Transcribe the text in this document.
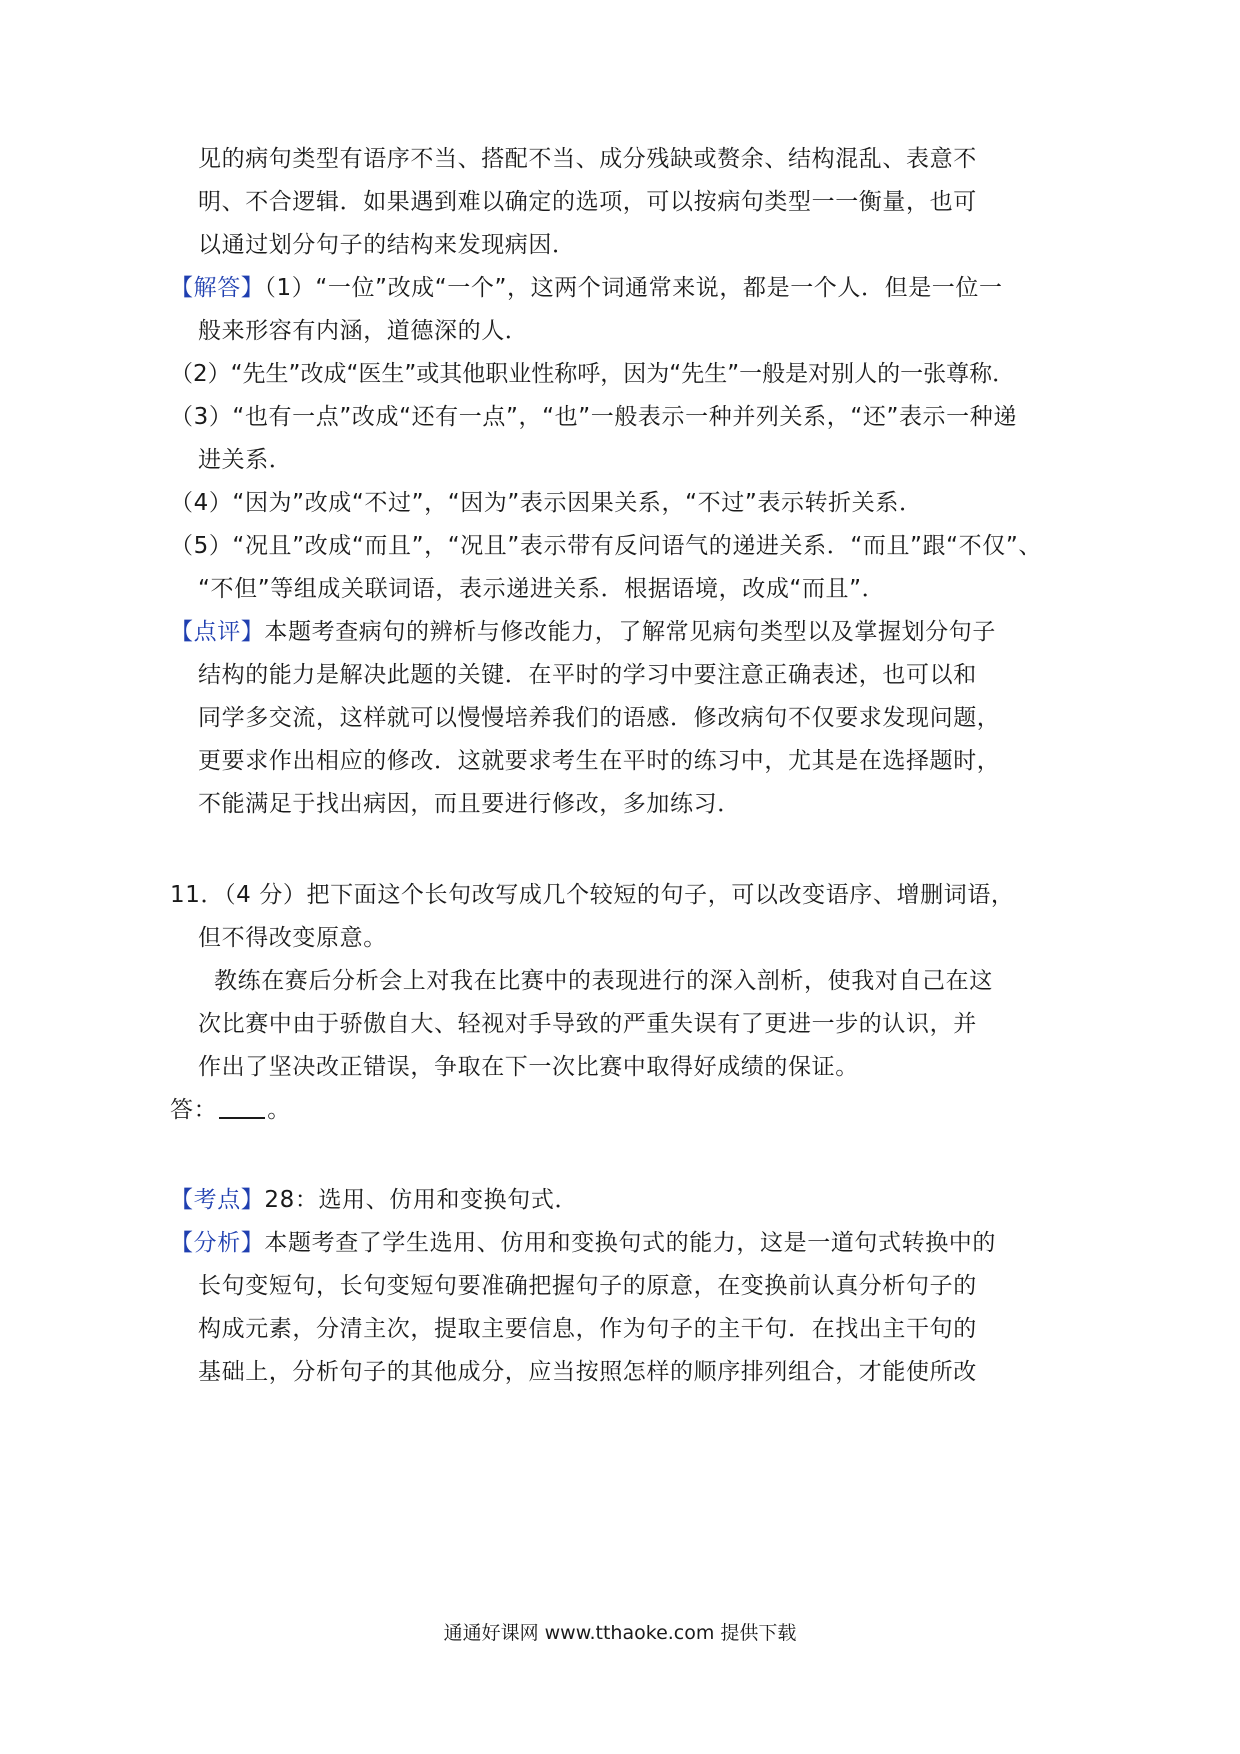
见的病句类型有语序不当、搭配不当、成分残缺或赘余、结构混乱、表意不
明、不合逻辑．如果遇到难以确定的选项，可以按病句类型一一衡量，也可
以通过划分句子的结构来发现病因．
【解答】（1）“一位”改成“一个”，这两个词通常来说，都是一个人．但是一位一
般来形容有内涵，道德深的人．
（2）“先生”改成“医生”或其他职业性称呼，因为“先生”一般是对别人的一张尊称．
（3）“也有一点”改成“还有一点”，“也”一般表示一种并列关系，“还”表示一种递
进关系．
（4）“因为”改成“不过”，“因为”表示因果关系，“不过”表示转折关系．
（5）“况且”改成“而且”，“况且”表示带有反问语气的递进关系．“而且”跟“不仅”、
“不但”等组成关联词语，表示递进关系．根据语境，改成“而且”．
【点评】本题考查病句的辨析与修改能力，了解常见病句类型以及掌握划分句子
结构的能力是解决此题的关键．在平时的学习中要注意正确表述，也可以和
同学多交流，这样就可以慢慢培养我们的语感．修改病句不仅要求发现问题，
更要求作出相应的修改．这就要求考生在平时的练习中，尤其是在选择题时，
不能满足于找出病因，而且要进行修改，多加练习．
11．（4 分）把下面这个长句改写成几个较短的句子，可以改变语序、增删词语，
但不得改变原意。
教练在赛后分析会上对我在比赛中的表现进行的深入剖析，使我对自己在这
次比赛中由于骄傲自大、轻视对手导致的严重失误有了更进一步的认识，并
作出了坚决改正错误，争取在下一次比赛中取得好成绩的保证。
答： 。
【考点】28：选用、仿用和变换句式．
【分析】本题考查了学生选用、仿用和变换句式的能力，这是一道句式转换中的
长句变短句，长句变短句要准确把握句子的原意，在变换前认真分析句子的
构成元素，分清主次，提取主要信息，作为句子的主干句．在找出主干句的
基础上，分析句子的其他成分，应当按照怎样的顺序排列组合，才能使所改
通通好课网 www.tthaoke.com 提供下载
